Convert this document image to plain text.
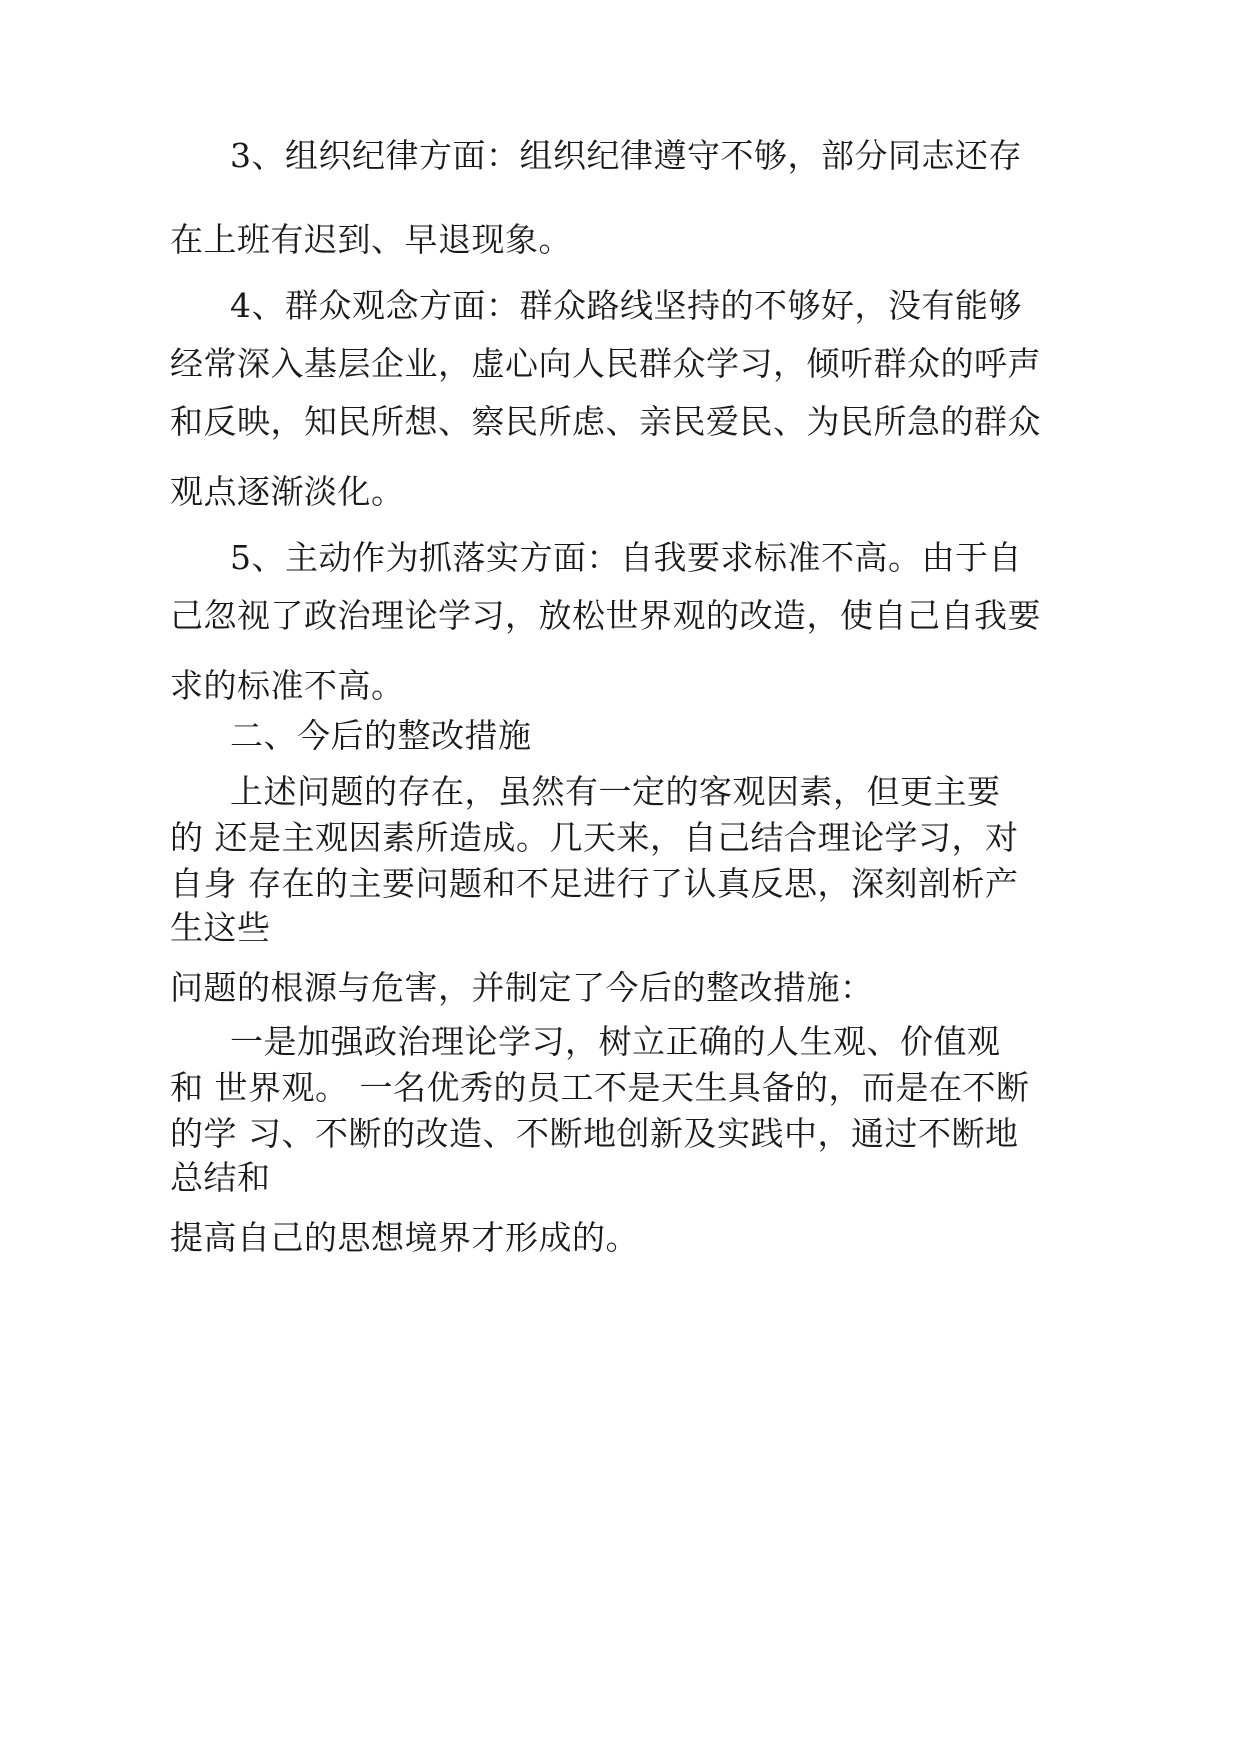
3、组织纪律方面：组织纪律遵守不够，部分同志还存

在上班有迟到、早退现象。

4、群众观念方面：群众路线坚持的不够好，没有能够

经常深入基层企业，虚心向人民群众学习，倾听群众的呼声

和反映，知民所想、察民所虑、亲民爱民、为民所急的群众

观点逐渐淡化。

5、主动作为抓落实方面：自我要求标准不高。由于自

己忽视了政治理论学习，放松世界观的改造，使自己自我要

求的标准不高。

二、今后的整改措施

上述问题的存在，虽然有一定的客观因素，但更主要

的 还是主观因素所造成。几天来，自己结合理论学习，对

自身 存在的主要问题和不足进行了认真反思，深刻剖析产

生这些

问题的根源与危害，并制定了今后的整改措施：

一是加强政治理论学习，树立正确的人生观、价值观

和 世界观。 一名优秀的员工不是天生具备的，而是在不断

的学 习、不断的改造、不断地创新及实践中，通过不断地

总结和

提高自己的思想境界才形成的。
